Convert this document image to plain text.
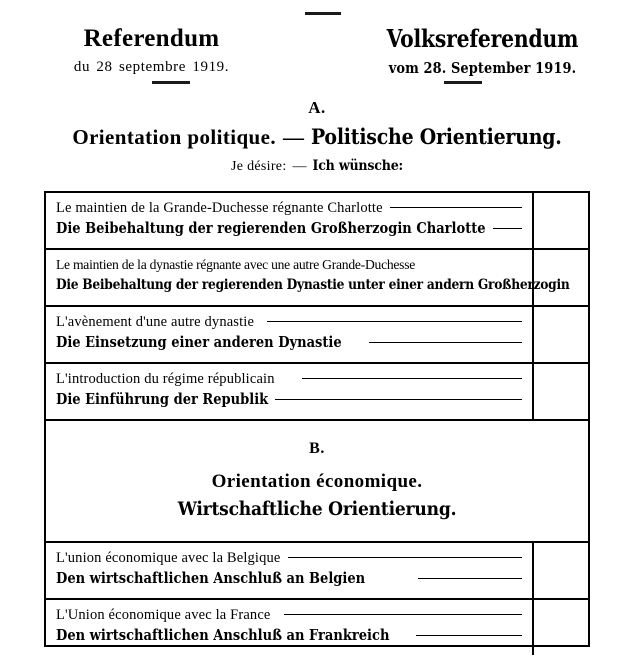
Referendum
du 28 septembre 1919.
Volksreferendum
vom 28. September 1919.
A.
Orientation politique. — Politische Orientierung.
Je désire: — Ich wünsche:
Le maintien de la Grande-Duchesse régnante Charlotte
Die Beibehaltung der regierenden Großherzogin Charlotte
Le maintien de la dynastie régnante avec une autre Grande-Duchesse
Die Beibehaltung der regierenden Dynastie unter einer andern Großherzogin
L'avènement d'une autre dynastie
Die Einsetzung einer anderen Dynastie
L'introduction du régime républicain
Die Einführung der Republik
B.
Orientation économique.
Wirtschaftliche Orientierung.
L'union économique avec la Belgique
Den wirtschaftlichen Anschluß an Belgien
L'Union économique avec la France
Den wirtschaftlichen Anschluß an Frankreich
